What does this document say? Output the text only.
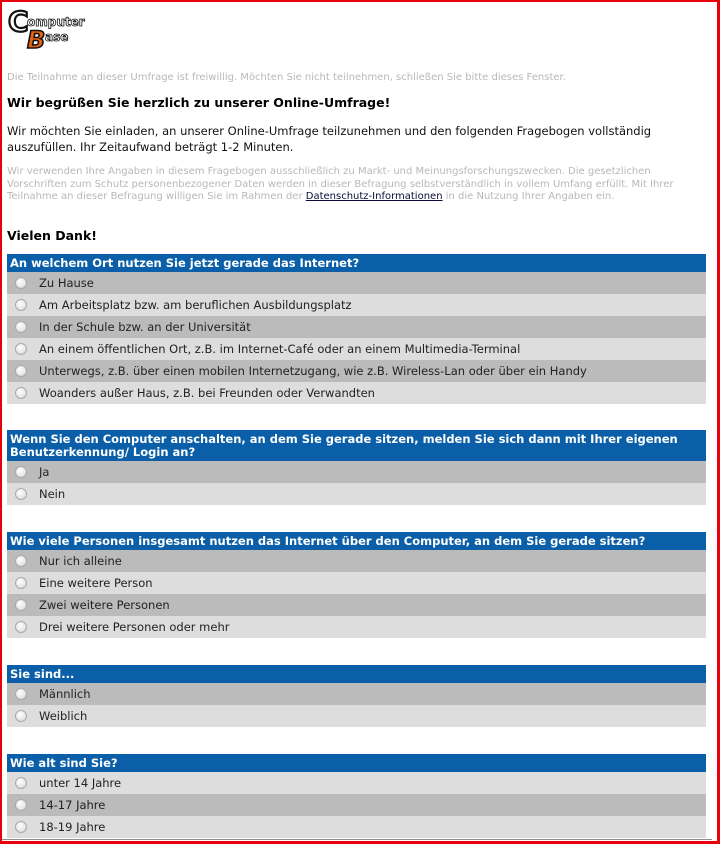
C
B
omputer
ase
Die Teilnahme an dieser Umfrage ist freiwillig. Möchten Sie nicht teilnehmen, schließen Sie bitte dieses Fenster.
Wir begrüßen Sie herzlich zu unserer Online-Umfrage!
Wir möchten Sie einladen, an unserer Online-Umfrage teilzunehmen und den folgenden Fragebogen vollständig auszufüllen. Ihr Zeitaufwand beträgt 1-2 Minuten.
Wir verwenden Ihre Angaben in diesem Fragebogen ausschließlich zu Markt- und Meinungsforschungszwecken. Die gesetzlichen Vorschriften zum Schutz personenbezogener Daten werden in dieser Befragung selbstverständlich in vollem Umfang erfüllt. Mit Ihrer Teilnahme an dieser Befragung willigen Sie im Rahmen der Datenschutz-Informationen in die Nutzung Ihrer Angaben ein.
Vielen Dank!
An welchem Ort nutzen Sie jetzt gerade das Internet?
Zu Hause
Am Arbeitsplatz bzw. am beruflichen Ausbildungsplatz
In der Schule bzw. an der Universität
An einem öffentlichen Ort, z.B. im Internet-Café oder an einem Multimedia-Terminal
Unterwegs, z.B. über einen mobilen Internetzugang, wie z.B. Wireless-Lan oder über ein Handy
Woanders außer Haus, z.B. bei Freunden oder Verwandten
Wenn Sie den Computer anschalten, an dem Sie gerade sitzen, melden Sie sich dann mit Ihrer eigenen Benutzerkennung/ Login an?
Ja
Nein
Wie viele Personen insgesamt nutzen das Internet über den Computer, an dem Sie gerade sitzen?
Nur ich alleine
Eine weitere Person
Zwei weitere Personen
Drei weitere Personen oder mehr
Sie sind...
Männlich
Weiblich
Wie alt sind Sie?
unter 14 Jahre
14-17 Jahre
18-19 Jahre
